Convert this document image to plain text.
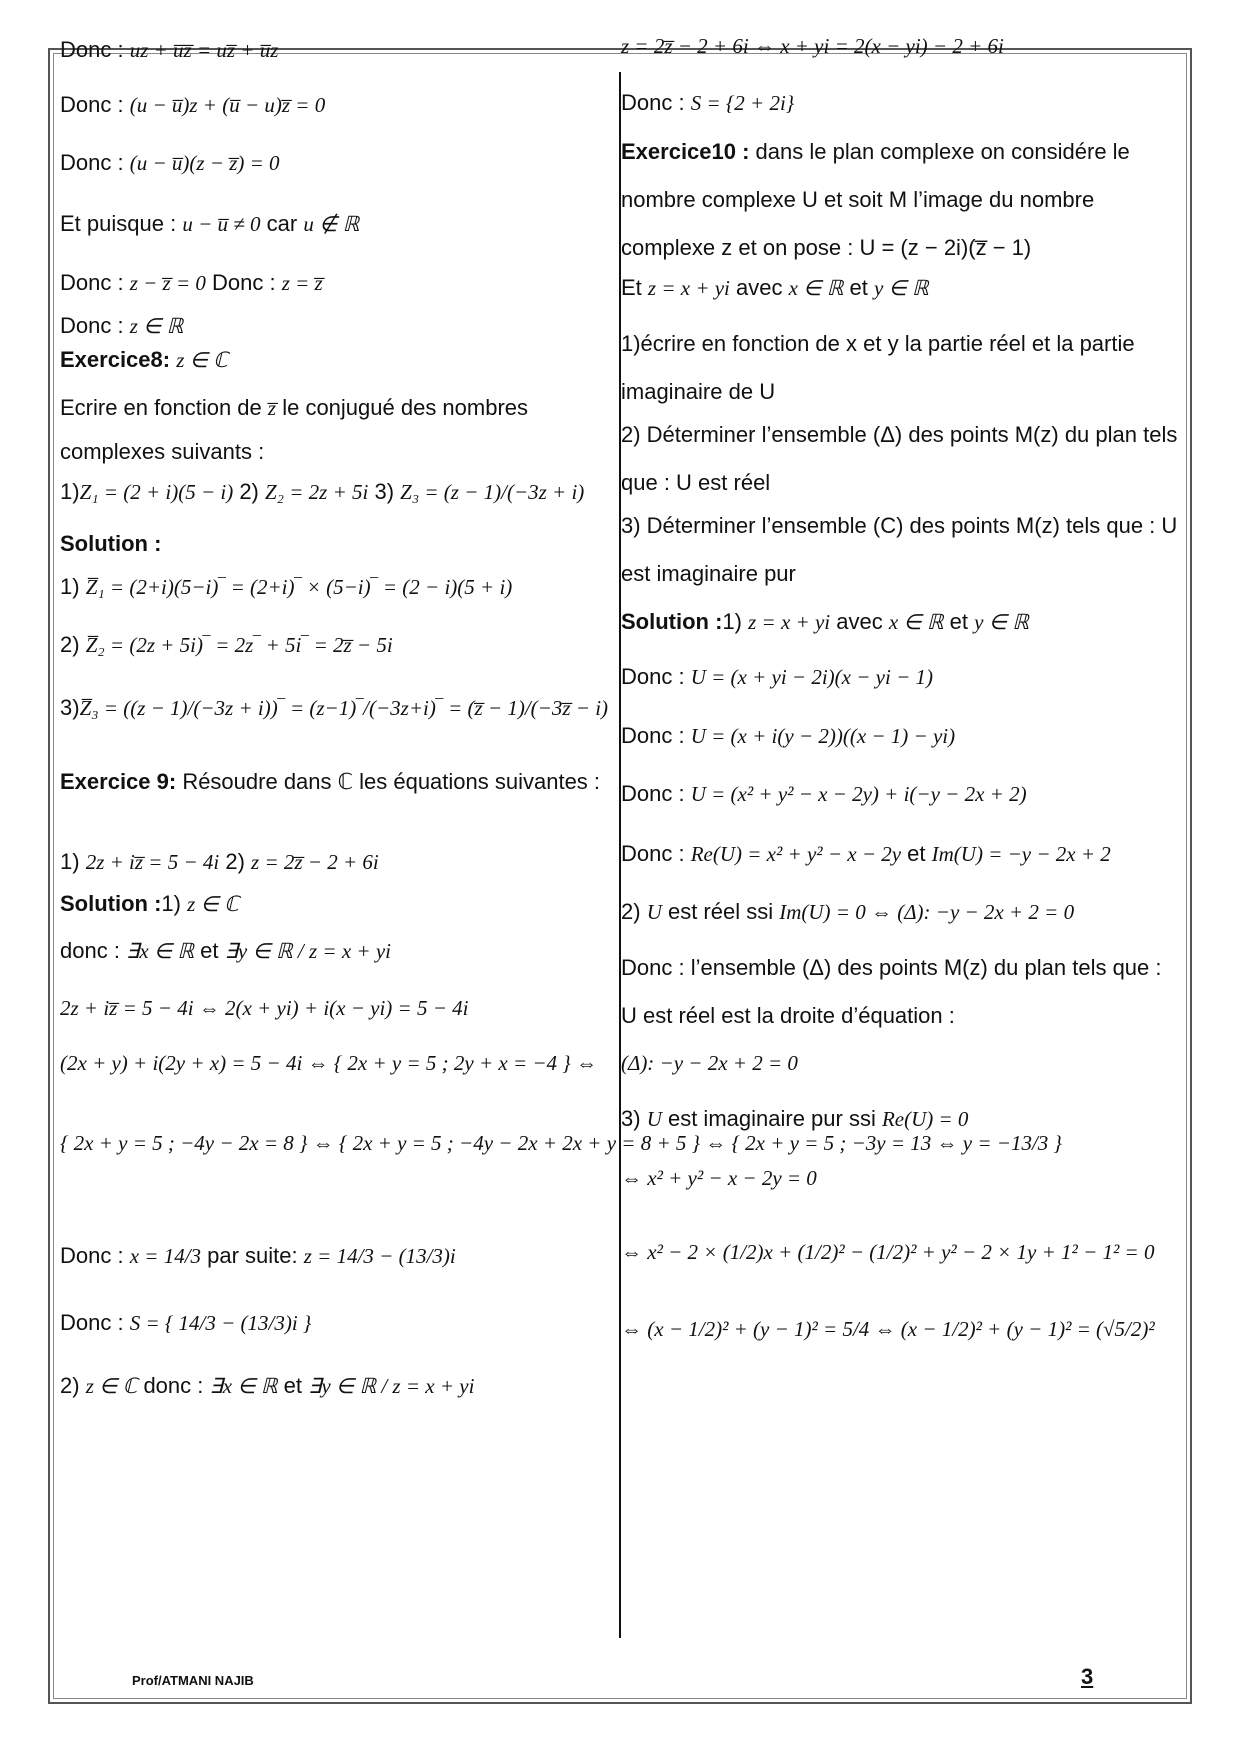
Donc : uz + u̅z̅ = uz̅ + u̅z
Donc : (u − u̅)z + (u̅ − u)z̅ = 0
Donc : (u − u̅)(z − z̅) = 0
Et puisque : u − u̅ ≠ 0 car u ∉ ℝ
Donc : z − z̅ = 0 Donc : z = z̅
Donc : z ∈ ℝ
Exercice8: z ∈ ℂ
Ecrire en fonction de z̅ le conjugué des nombres
complexes suivants :
1)Z₁ = (2 + i)(5 − i) 2) Z₂ = 2z + 5i 3) Z₃ = (z − 1)/(−3z + i)
Solution :
1) Z̅₁ = (2+i)(5−i)‾ = (2+i)‾ × (5−i)‾ = (2 − i)(5 + i)
2) Z̅₂ = (2z + 5i)‾ = 2z‾ + 5i‾ = 2z̅ − 5i
3)Z̅₃ = ((z − 1)/(−3z + i))‾ = (z−1)‾/(−3z+i)‾ = (z̅ − 1)/(−3z̅ − i)
Exercice 9: Résoudre dans ℂ les équations suivantes :
1) 2z + iz̅ = 5 − 4i 2) z = 2z̅ − 2 + 6i
Solution :1) z ∈ ℂ
donc : ∃x ∈ ℝ et ∃y ∈ ℝ / z = x + yi
2z + iz̅ = 5 − 4i ⇔ 2(x + yi) + i(x − yi) = 5 − 4i
(2x + y) + i(2y + x) = 5 − 4i ⇔ { 2x + y = 5 ; 2y + x = −4 } ⇔
{ 2x + y = 5 ; −4y − 2x = 8 } ⇔ { 2x + y = 5 ; −4y − 2x + 2x + y = 8 + 5 } ⇔ { 2x + y = 5 ; −3y = 13 ⇔ y = −13/3 }
Donc : x = 14/3 par suite: z = 14/3 − (13/3)i
Donc : S = { 14/3 − (13/3)i }
2) z ∈ ℂ donc : ∃x ∈ ℝ et ∃y ∈ ℝ / z = x + yi
z = 2z̅ − 2 + 6i ⇔ x + yi = 2(x − yi) − 2 + 6i
Donc : S = {2 + 2i}
Exercice10 : dans le plan complexe on considére le nombre complexe U et soit M l’image du nombre complexe z et on pose : U = (z − 2i)(z̅ − 1)
Et z = x + yi avec x ∈ ℝ et y ∈ ℝ
1)écrire en fonction de x et y la partie réel et la partie imaginaire de U
2) Déterminer l’ensemble (Δ) des points M(z) du plan tels que : U est réel
3) Déterminer l’ensemble (C) des points M(z) tels que : U est imaginaire pur
Solution :1) z = x + yi avec x ∈ ℝ et y ∈ ℝ
Donc : U = (x + yi − 2i)(x − yi − 1)
Donc : U = (x + i(y − 2))((x − 1) − yi)
Donc : U = (x² + y² − x − 2y) + i(−y − 2x + 2)
Donc : Re(U) = x² + y² − x − 2y et Im(U) = −y − 2x + 2
2) U est réel ssi Im(U) = 0 ⇔ (Δ): −y − 2x + 2 = 0
Donc : l’ensemble (Δ) des points M(z) du plan tels que : U est réel est la droite d’équation :
(Δ): −y − 2x + 2 = 0
3) U est imaginaire pur ssi Re(U) = 0
⇔ x² + y² − x − 2y = 0
⇔ x² − 2 × (1/2)x + (1/2)² − (1/2)² + y² − 2 × 1y + 1² − 1² = 0
⇔ (x − 1/2)² + (y − 1)² = 5/4 ⇔ (x − 1/2)² + (y − 1)² = (√5/2)²
Prof/ATMANI NAJIB	3
